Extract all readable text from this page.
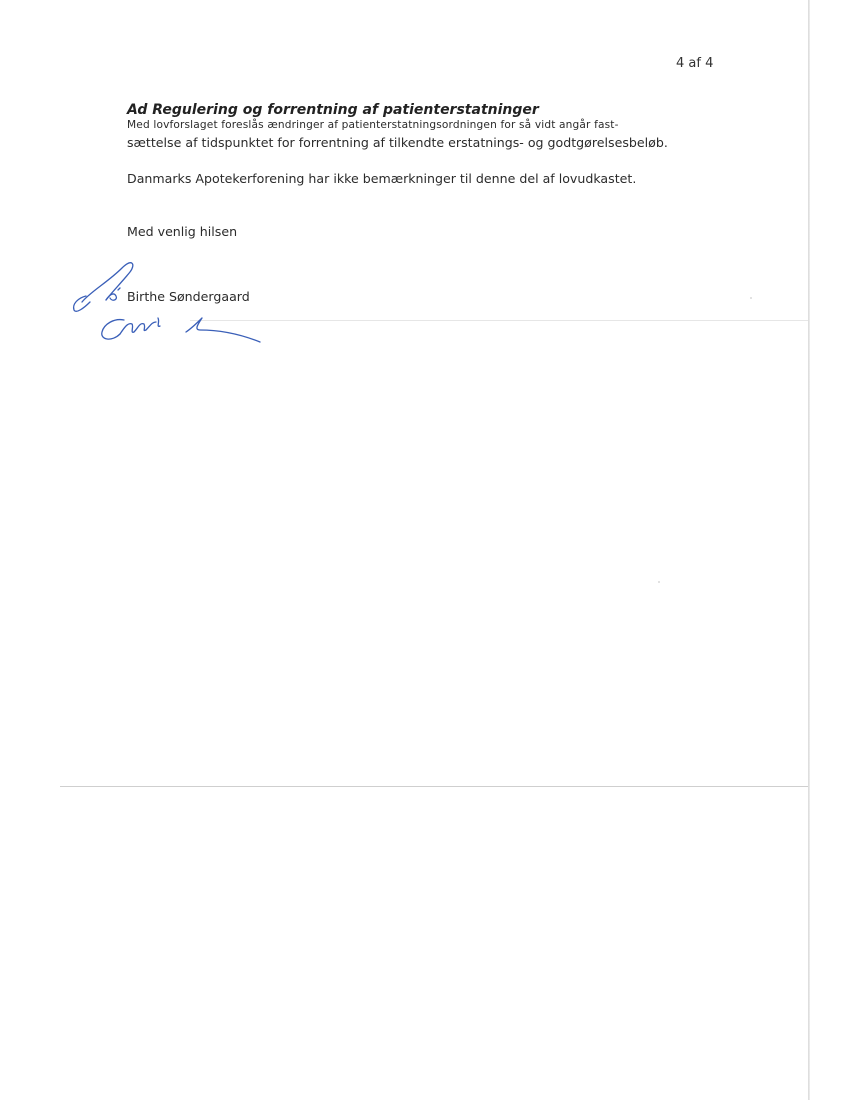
4 af 4
Ad Regulering og forrentning af patienterstatninger
Med lovforslaget foreslås ændringer af patienterstatningsordningen for så vidt angår fast-
sættelse af tidspunktet for forrentning af tilkendte erstatnings- og godtgørelsesbeløb.
Danmarks Apotekerforening har ikke bemærkninger til denne del af lovudkastet.
Med venlig hilsen
Birthe Søndergaard
